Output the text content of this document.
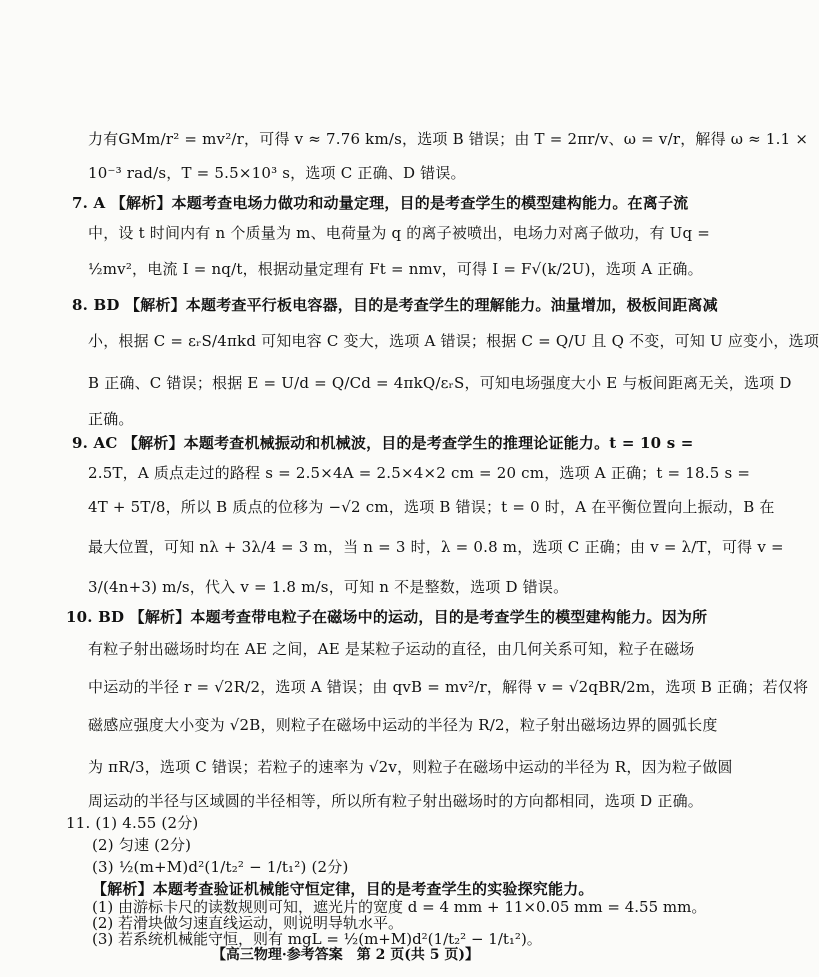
力有GMm/r² = mv²/r，可得 v ≈ 7.76 km/s，选项 B 错误；由 T = 2πr/v、ω = v/r，解得 ω ≈ 1.1 ×
10⁻³ rad/s，T = 5.5×10³ s，选项 C 正确、D 错误。
7. A 【解析】本题考查电场力做功和动量定理，目的是考查学生的模型建构能力。在离子流
中，设 t 时间内有 n 个质量为 m、电荷量为 q 的离子被喷出，电场力对离子做功，有 Uq =
½mv²，电流 I = nq/t，根据动量定理有 Ft = nmv，可得 I = F√(k/2U)，选项 A 正确。
8. BD 【解析】本题考查平行板电容器，目的是考查学生的理解能力。油量增加，极板间距离减
小，根据 C = εᵣS/4πkd 可知电容 C 变大，选项 A 错误；根据 C = Q/U 且 Q 不变，可知 U 应变小，选项
B 正确、C 错误；根据 E = U/d = Q/Cd = 4πkQ/εᵣS，可知电场强度大小 E 与板间距离无关，选项 D
正确。
9. AC 【解析】本题考查机械振动和机械波，目的是考查学生的推理论证能力。t = 10 s =
2.5T，A 质点走过的路程 s = 2.5×4A = 2.5×4×2 cm = 20 cm，选项 A 正确；t = 18.5 s =
4T + 5T/8，所以 B 质点的位移为 −√2 cm，选项 B 错误；t = 0 时，A 在平衡位置向上振动，B 在
最大位置，可知 nλ + 3λ/4 = 3 m，当 n = 3 时，λ = 0.8 m，选项 C 正确；由 v = λ/T，可得 v =
3/(4n+3) m/s，代入 v = 1.8 m/s，可知 n 不是整数，选项 D 错误。
10. BD 【解析】本题考查带电粒子在磁场中的运动，目的是考查学生的模型建构能力。因为所
有粒子射出磁场时均在 AE 之间，AE 是某粒子运动的直径，由几何关系可知，粒子在磁场
中运动的半径 r = √2R/2，选项 A 错误；由 qvB = mv²/r，解得 v = √2qBR/2m，选项 B 正确；若仅将
磁感应强度大小变为 √2B，则粒子在磁场中运动的半径为 R/2，粒子射出磁场边界的圆弧长度
为 πR/3，选项 C 错误；若粒子的速率为 √2v，则粒子在磁场中运动的半径为 R，因为粒子做圆
周运动的半径与区域圆的半径相等，所以所有粒子射出磁场时的方向都相同，选项 D 正确。
11. (1) 4.55 (2分)
(2) 匀速 (2分)
(3) ½(m+M)d²(1/t₂² − 1/t₁²) (2分)
【解析】本题考查验证机械能守恒定律，目的是考查学生的实验探究能力。
【高三物理·参考答案　第 2 页(共 5 页)】
(1) 由游标卡尺的读数规则可知，遮光片的宽度 d = 4 mm + 11×0.05 mm = 4.55 mm。
(2) 若滑块做匀速直线运动，则说明导轨水平。
(3) 若系统机械能守恒，则有 mgL = ½(m+M)d²(1/t₂² − 1/t₁²)。
